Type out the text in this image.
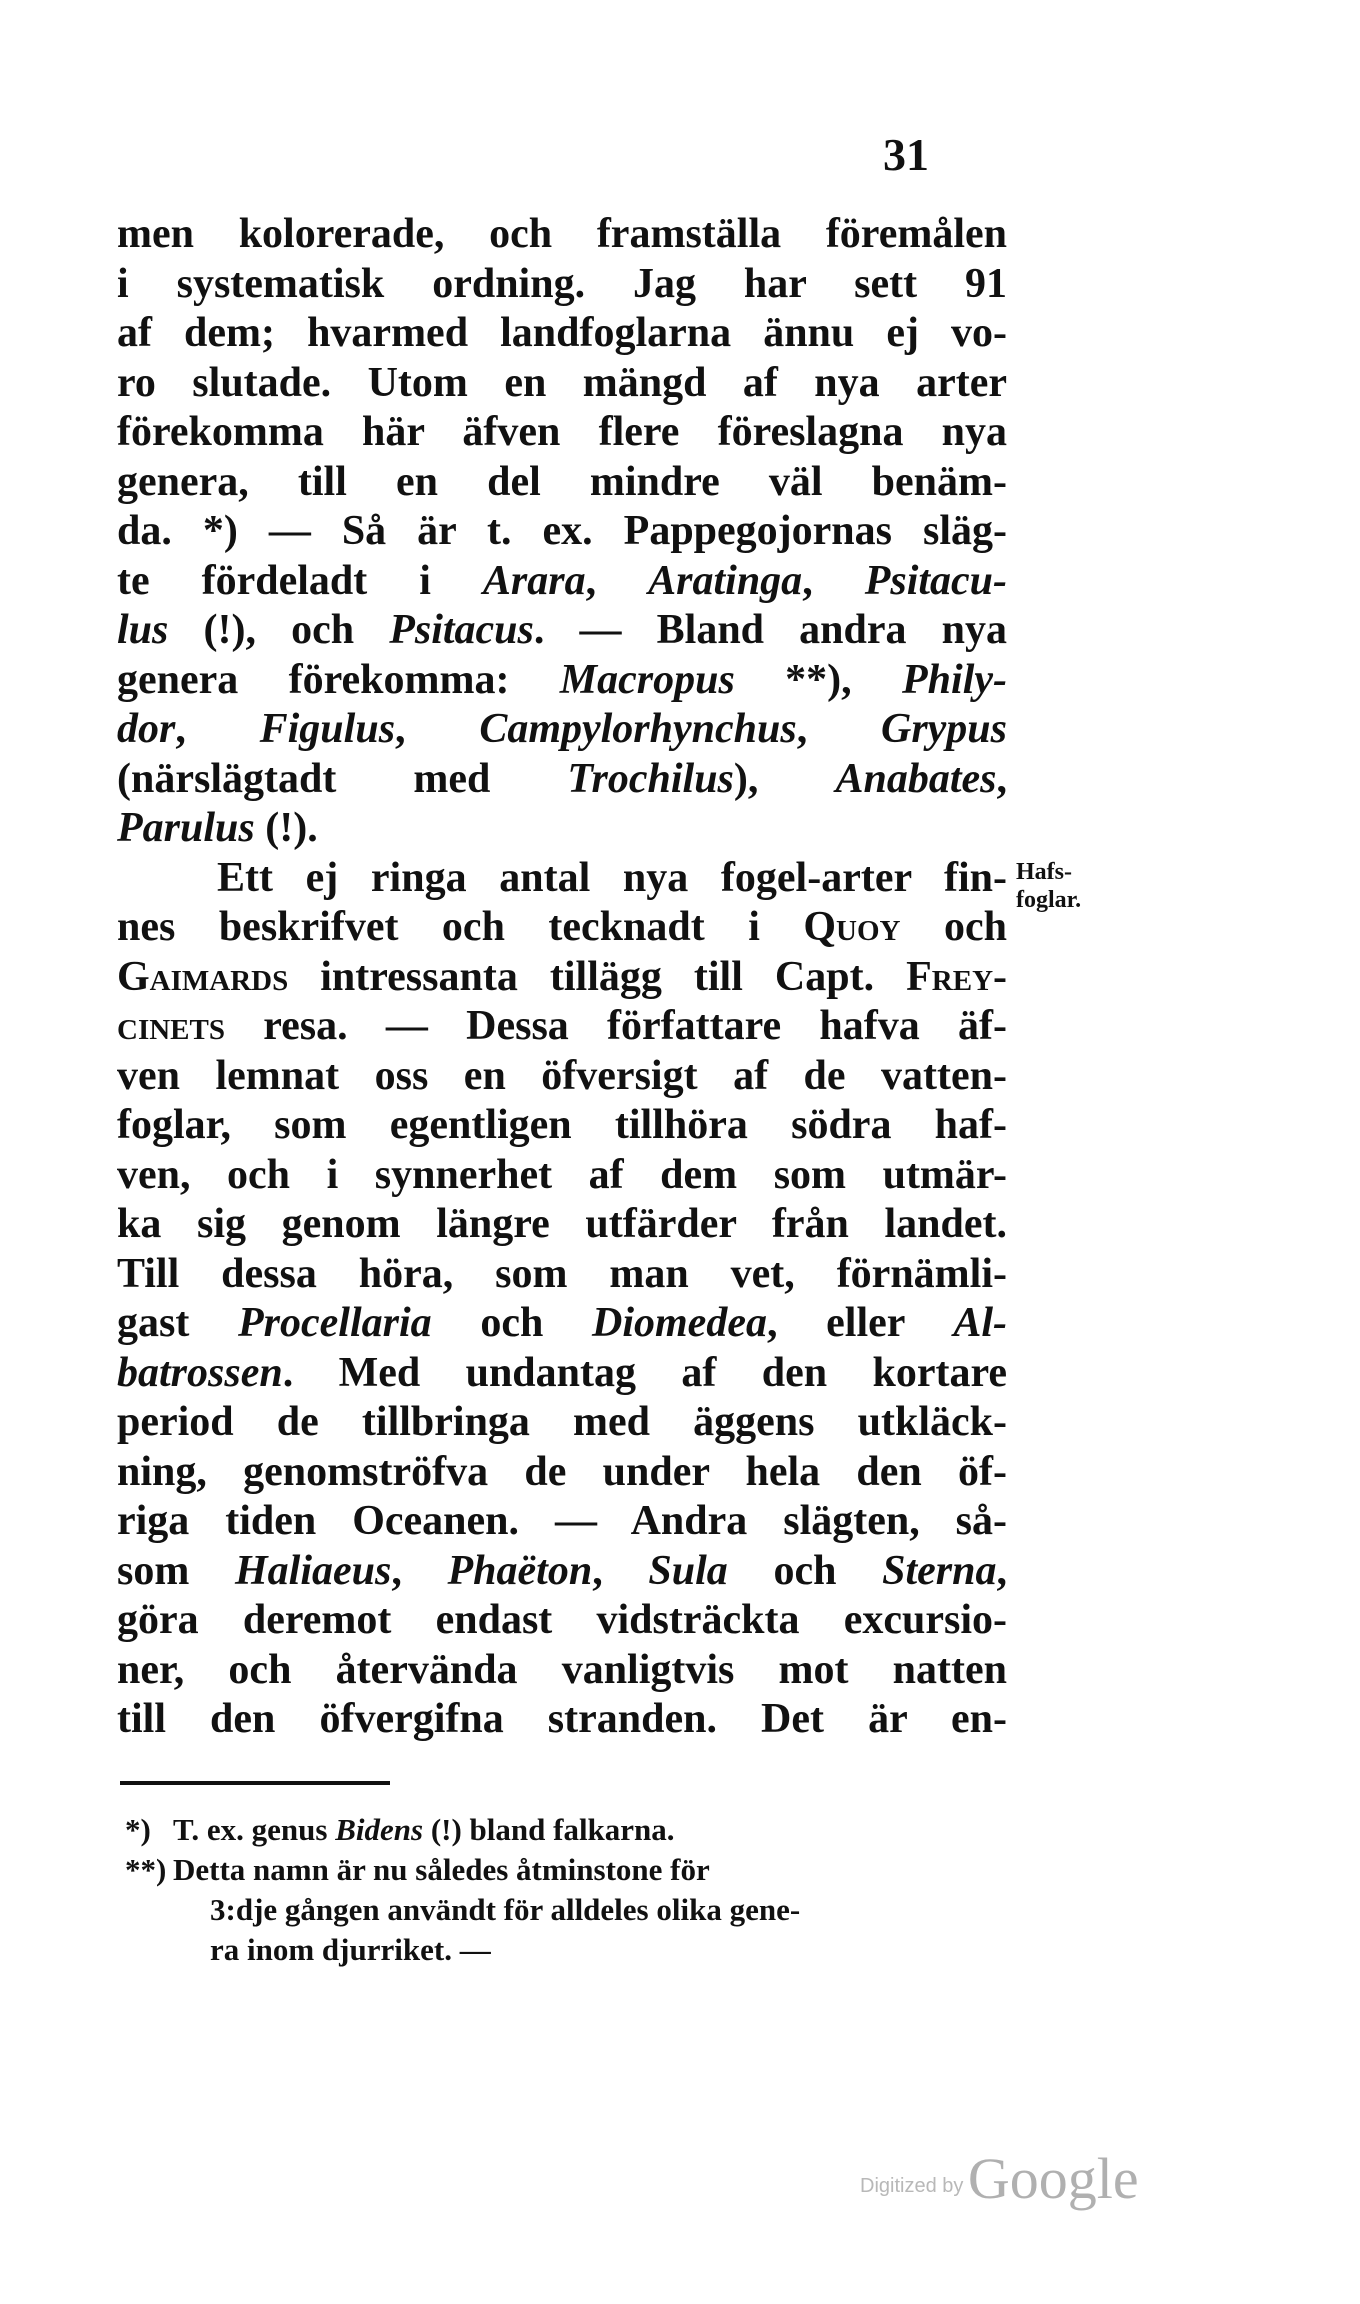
31
men kolorerade, och framställa föremålen
i systematisk ordning. Jag har sett 91
af dem; hvarmed landfoglarna ännu ej vo-
ro slutade. Utom en mängd af nya arter
förekomma här äfven flere föreslagna nya
genera, till en del mindre väl benäm-
da. *) — Så är t. ex. Pappegojornas släg-
te fördeladt i Arara, Aratinga, Psitacu-
lus (!), och Psitacus. — Bland andra nya
genera förekomma: Macropus **), Phily-
dor, Figulus, Campylorhynchus, Grypus
(närslägtadt med Trochilus), Anabates,
Parulus (!).
Ett ej ringa antal nya fogel-arter fin-
nes beskrifvet och tecknadt i Quoy och
Gaimards intressanta tillägg till Capt. Frey-
cinets resa. — Dessa författare hafva äf-
ven lemnat oss en öfversigt af de vatten-
foglar, som egentligen tillhöra södra haf-
ven, och i synnerhet af dem som utmär-
ka sig genom längre utfärder från landet.
Till dessa höra, som man vet, förnämli-
gast Procellaria och Diomedea, eller Al-
batrossen. Med undantag af den kortare
period de tillbringa med äggens utkläck-
ning, genomströfva de under hela den öf-
riga tiden Oceanen. — Andra slägten, så-
som Haliaeus, Phaëton, Sula och Sterna,
göra deremot endast vidsträckta excursio-
ner, och återvända vanligtvis mot natten
till den öfvergifna stranden. Det är en-
Hafs-
foglar.
*) T. ex. genus Bidens (!) bland falkarna.
**) Detta namn är nu således åtminstone för
3:dje gången användt för alldeles olika gene-
ra inom djurriket. —
Digitized by Google
